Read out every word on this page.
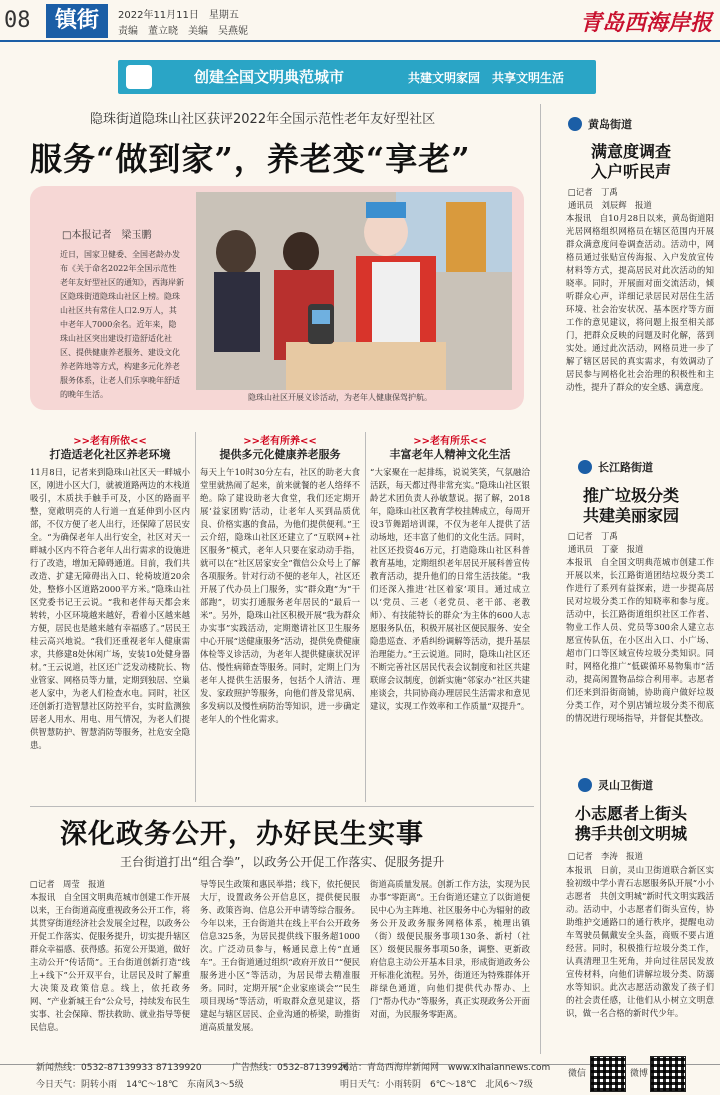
08	镇街	2022年11月11日　星期五
责编　董立晓　美编　吴燕妮	青岛西海岸报
创建全国文明典范城市	共建文明家园　共享文明生活
隐珠街道隐珠山社区获评2022年全国示范性老年友好型社区
服务“做到家”，养老变“享老”
□本报记者　梁玉鹏
近日，国家卫健委、全国老龄办发布《关于命名2022年全国示范性老年友好型社区的通知》，西海岸新区隐珠街道隐珠山社区上榜。隐珠山社区共有常住人口2.9万人，其中老年人7000余名。近年来，隐珠山社区突出建设打造舒适化社区、提供健康养老服务、建设文化养老阵地等方式，构建多元化养老服务体系，让老人们乐享晚年舒适的晚年生活。	隐珠山社区开展义诊活动，为老年人健康保驾护航。
>>老有所依<<
打造适老化社区养老环境
11月8日，记者来到隐珠山社区天一畔城小区，刚进小区大门，就被道路两边的木栈道吸引，木质扶手触手可及，小区的路面平整，宽敞明亮的人行道一直延伸到小区内部，不仅方便了老人出行，还保障了居民安全。“为确保老年人出行安全，社区对天一畔城小区内不符合老年人出行需求的设施进行了改造，增加无障碍通道。目前，我们共改造、扩建无障碍出入口、轮椅坡道20余处，整修小区道路2000平方米。”隐珠山社区党委书记王云说。“我和老伴每天都会来转转，小区环境越来越好，看着小区越来越方便，居民也是越来越有幸福感了。”居民王桂云高兴地说。“我们还重视老年人健康需求，共修建8处休闲广场，安装10处健身器材。”王云说道，社区还广泛发动楼院长、物业管家、网格员等力量，定期到独居、空巢老人家中，为老人们检查水电。同时，社区还创新打造智慧社区防控平台，实时监测独居老人用水、用电、用气情况，为老人们提供智慧防护、智慧消防等服务，社危安全隐患。
>>老有所养<<
提供多元化健康养老服务
每天上午10时30分左右，社区的助老大食堂里就热闹了起来，前来就餐的老人络绎不绝。除了建设助老大食堂，我们还定期开展‘益家团购’活动，让老年人买到品质优良、价格实惠的食品，为他们提供便利。”王云介绍，隐珠山社区还建立了“互联网+社区服务”模式，老年人只要在家动动手指，就可以在“社区居家安全”微信公众号上了解各项服务。针对行动不便的老年人，社区还开展了代办员上门服务，实“群众跑”为“干部跑”，切实打通服务老年居民的“最后一米”。另外，隐珠山社区积极开展“我为群众办实事”实践活动，定期邀请社区卫生服务中心开展“送健康服务”活动，提供免费健康体检等义诊活动，为老年人提供健康状况评估、慢性病筛查等服务。同时，定期上门为老年人提供生活服务，包括个人清洁、理发、家政照护等服务，向他们普及常见病、多发病以及慢性病防治等知识，进一步确定老年人的个性化需求。
>>老有所乐<<
丰富老年人精神文化生活
“大家聚在一起排练，说说笑笑，气氛融洽活跃，每天都过得非常充实。”隐珠山社区银龄艺术团负责人孙敏慧说。据了解，2018年，隐珠山社区教育学校挂牌成立，每周开设3节舞蹈培训课，不仅为老年人提供了活动场地，还丰富了他们的文化生活。同时，社区还投资46万元，打造隐珠山社区科普教育基地，定期组织老年居民开展科普宣传教育活动，提升他们的日常生活技能。“我们还深入推进‘社区着家’项目。通过成立以‘党员、三老（老党员、老干部、老教师）、有技能特长的群众’为主体的600人志愿服务队伍，积极开展社区便民服务、安全隐患巡查、矛盾纠纷调解等活动，提升基层治理能力。”王云说道。同时，隐珠山社区还不断完善社区居民代表会议制度和社区共建联席会议制度，创新实施“邻家办”社区共建座谈会，共同协商办理居民生活需求和意见建议，实现工作效率和工作质量“双提升”。
黄岛街道
满意度调查
入户听民声
□记者　丁禹
通讯员　刘辰辉　报道
本报讯　自10月28日以来，黄岛街道阳光居网格组织网格员在辖区范围内开展群众满意度问卷调查活动。活动中，网格员通过张贴宣传海报、入户发放宣传材料等方式，提高居民对此次活动的知晓率。同时，开展面对面交流活动，倾听群众心声，详细记录居民对居住生活环境、社会治安状况、基本医疗等方面工作的意见建议，将问题上报至相关部门，把群众反映的问题及时化解，落到实处。通过此次活动，网格员进一步了解了辖区居民的真实需求，有效调动了居民参与网格化社会治理的积极性和主动性，提升了群众的安全感、满意度。
长江路街道
推广垃圾分类
共建美丽家园
□记者　丁禹
通讯员　丁豪　报道
本报讯　自全国文明典范城市创建工作开展以来，长江路街道团结垃圾分类工作进行了系列有益探索，进一步提高居民对垃圾分类工作的知晓率和参与度。活动中，长江路街道组织社区工作者、物业工作人员、党员等300余人建立志愿宣传队伍，在小区出入口、小广场、超市门口等区域宣传垃圾分类知识。同时，网格化推广“低碳循环易物集市”活动，提高闲置物品综合利用率。志愿者们还来到沿街商铺，协助商户做好垃圾分类工作，对个别店铺垃圾分类不彻底的情况进行现场指导，并督促其整改。
灵山卫街道
小志愿者上街头
携手共创文明城
□记者　李涛　报道
本报讯　日前，灵山卫街道联合新区实验初级中学小青石志愿服务队开展“小小志愿者　共创文明城”新时代文明实践活动。活动中，小志愿者们街头宣传，协助维护交通路口的通行秩序，提醒电动车驾驶员佩戴安全头盔，商贩不要占道经营。同时，积极推行垃圾分类工作，认真清理卫生死角，并向过往居民发放宣传材料，向他们讲解垃圾分类、防溺水等知识。此次志愿活动激发了孩子们的社会责任感，让他们从小树立文明意识，做一名合格的新时代少年。
深化政务公开，办好民生实事
王台街道打出“组合拳”，以政务公开促工作落实、促服务提升
□记者　周莹　报道
本报讯　自全国文明典范城市创建工作开展以来，王台街道高度重视政务公开工作，将其贯穿街道经济社会发展全过程，以政务公开促工作落实、促服务提升，切实提升辖区群众幸福感、获得感。拓宽公开渠道，做好主动公开“传话筒”。王台街道创新打造“线上+线下”公开双平台，让居民及时了解重大决策及政策信息。线上，依托政务网、“产业新城王台”公众号，持续发布民生实事、社会保障、帮扶救助、就业指导等便民信息。
导等民生政策和惠民举措；线下，依托便民大厅，设置政务公开信息区，提供便民服务、政策咨询、信息公开申请等综合服务。今年以来，王台街道共在线上平台公开政务信息325条，为居民提供线下服务超1000次。广泛动员参与，畅通民意上传“直通车”。王台街道通过组织“政府开放日”“便民服务进小区”等活动，为居民带去精准服务。同时，定期开展“企业家座谈会”“民生项目现场”等活动，听取群众意见建议，搭建起与辖区居民、企业沟通的桥梁，助推街道高质量发展。
街道高质量发展。创新工作方法，实现为民办事“零距离”。王台街道还建立了以街道便民中心为主阵地、社区服务中心为辐射的政务公开及政务服务网格体系，梳理出镇（街）级便民服务事项130条、新村（社区）级便民服务事项50条，调整、更新政府信息主动公开基本目录，形成街道政务公开标准化流程。另外，街道还为特殊群体开辟绿色通道，向他们提供代办帮办、上门“帮办代办”等服务，真正实现政务公开面对面，为民服务零距离。
新闻热线：0532-87139933 87139920	广告热线：0532-87139926
网站：青岛西海岸新闻网　www.xihaiannews.com
今日天气：阴转小雨　14℃～18℃　东南风3～5级	明日天气：小雨转阴　6℃～18℃　北风6～7级
微信	微博
